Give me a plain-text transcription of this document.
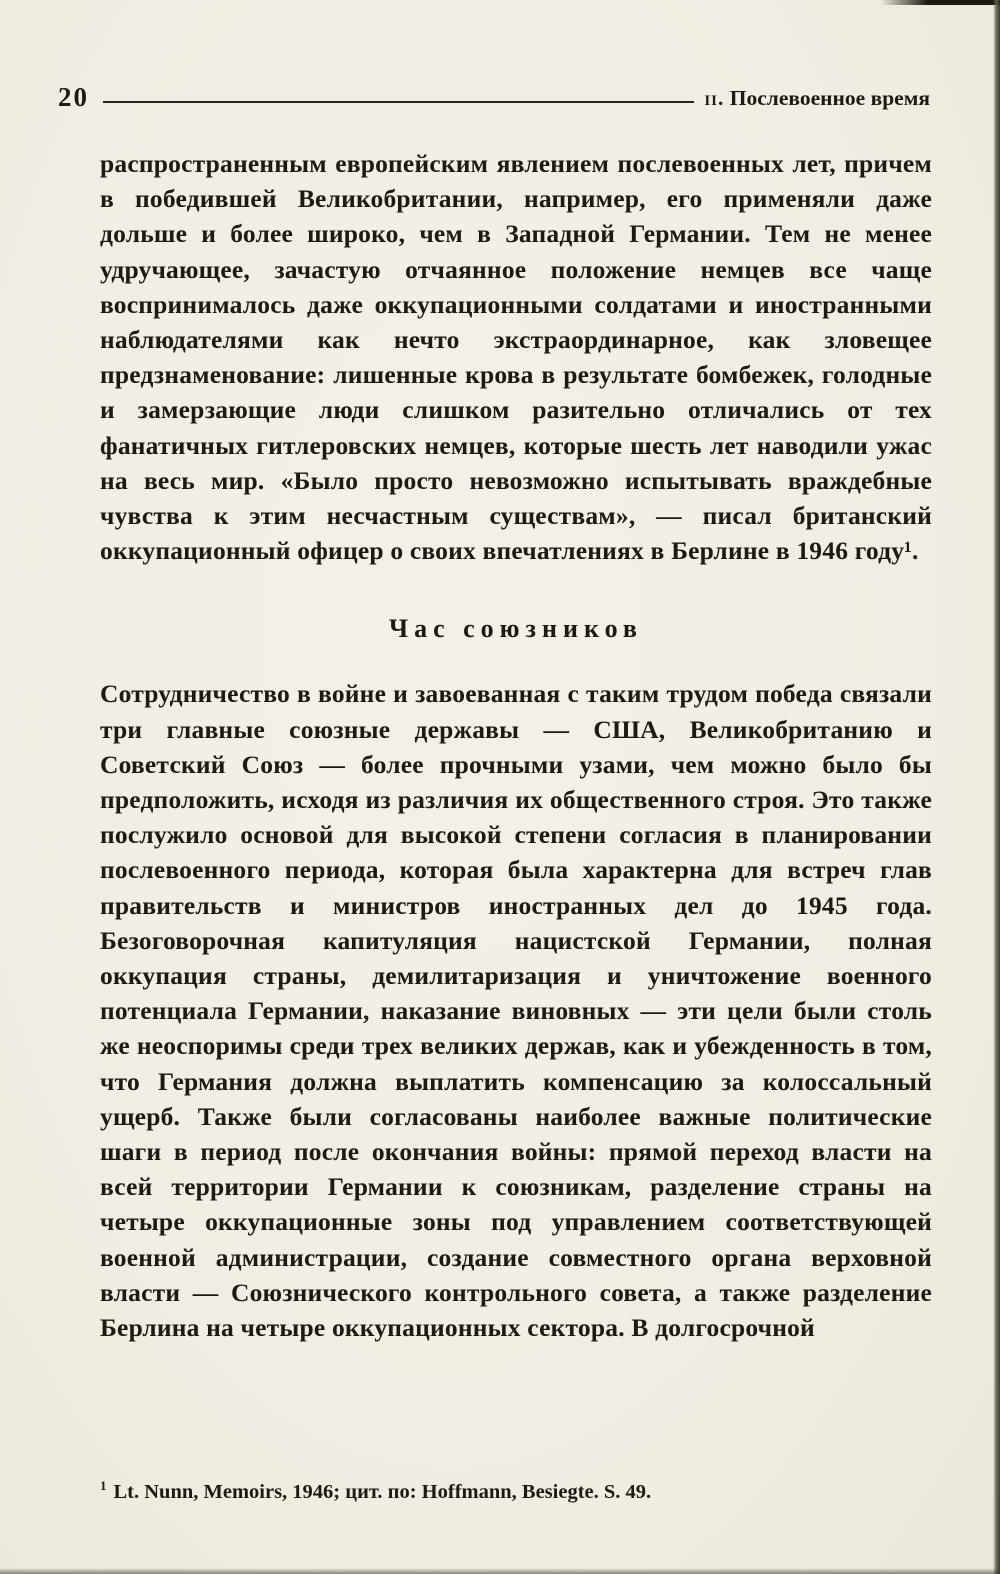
20	ii. Послевоенное время

распространенным европейским явлением послевоенных лет, причем в победившей Великобритании, например, его применяли даже дольше и более широко, чем в Западной Германии. Тем не менее удручающее, зачастую отчаянное положение немцев все чаще воспринималось даже оккупационными солдатами и иностранными наблюдателями как нечто экстраординарное, как зловещее предзнаменование: лишенные крова в результате бомбежек, голодные и замерзающие люди слишком разительно отличались от тех фанатичных гитлеровских немцев, которые шесть лет наводили ужас на весь мир. «Было просто невозможно испытывать враждебные чувства к этим несчастным существам», — писал британский оккупационный офицер о своих впечатлениях в Берлине в 1946 году¹.

Час союзников

Сотрудничество в войне и завоеванная с таким трудом победа связали три главные союзные державы — США, Великобританию и Советский Союз — более прочными узами, чем можно было бы предположить, исходя из различия их общественного строя. Это также послужило основой для высокой степени согласия в планировании послевоенного периода, которая была характерна для встреч глав правительств и министров иностранных дел до 1945 года. Безоговорочная капитуляция нацистской Германии, полная оккупация страны, демилитаризация и уничтожение военного потенциала Германии, наказание виновных — эти цели были столь же неоспоримы среди трех великих держав, как и убежденность в том, что Германия должна выплатить компенсацию за колоссальный ущерб. Также были согласованы наиболее важные политические шаги в период после окончания войны: прямой переход власти на всей территории Германии к союзникам, разделение страны на четыре оккупационные зоны под управлением соответствующей военной администрации, создание совместного органа верховной власти — Союзнического контрольного совета, а также разделение Берлина на четыре оккупационных сектора. В долгосрочной

$^1$ Lt. Nunn, Memoirs, 1946; цит. по: Hoffmann, Besiegte. S. 49.
